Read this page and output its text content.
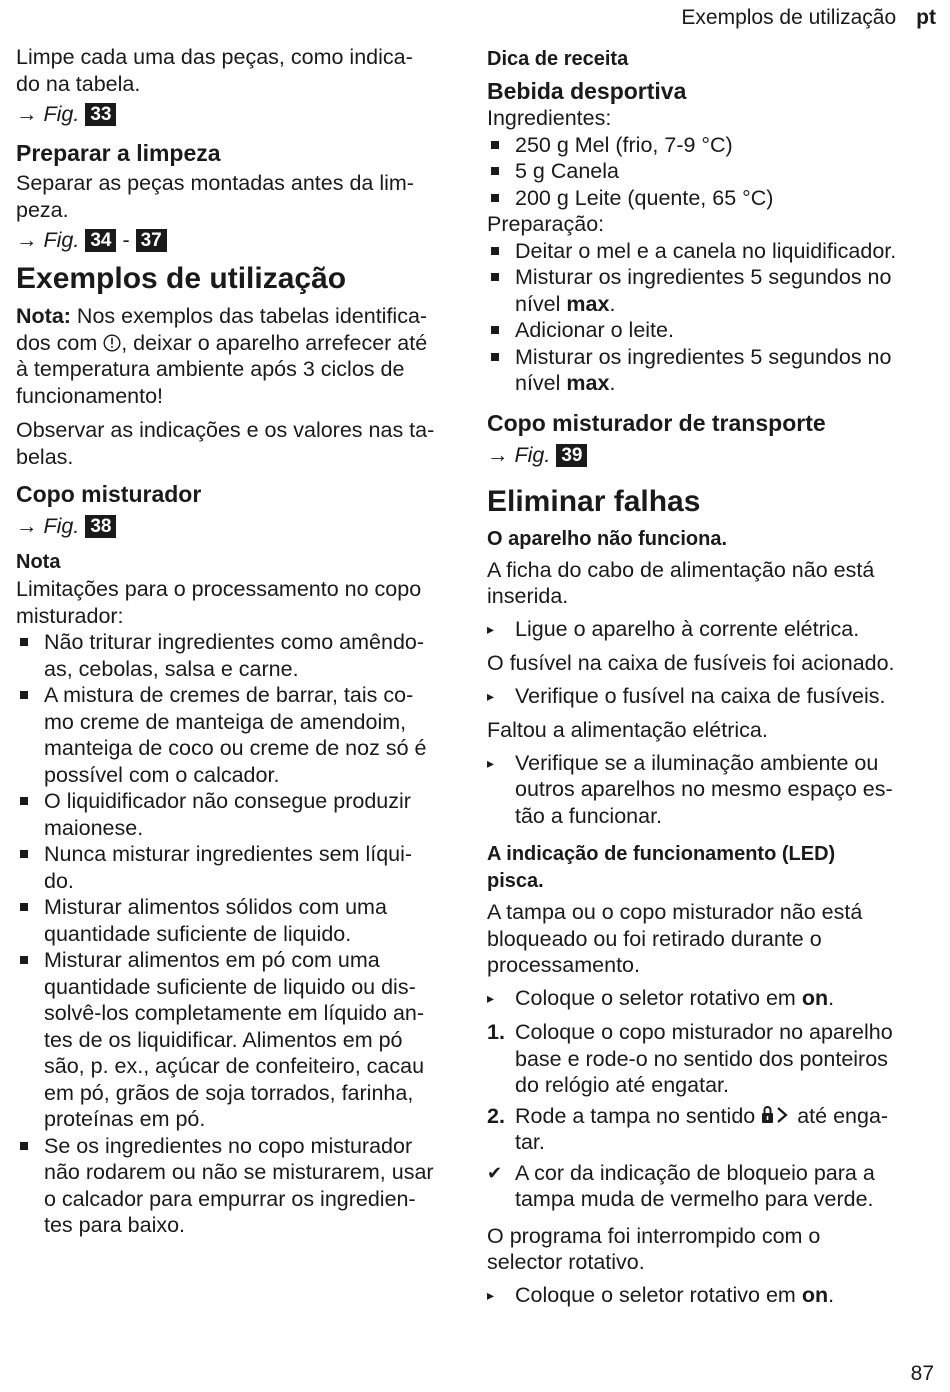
Exemplos de utilização pt

Limpe cada uma das peças, como indica-
do na tabela.

→ Fig. 33
Preparar a limpeza

Separar as peças montadas antes da lim-
peza.

→ Fig. 34 - 37
Exemplos de utilização

Nota: Nos exemplos das tabelas identifica-
dos com , deixar o aparelho arrefecer até
à temperatura ambiente após 3 ciclos de
funcionamento!

Observar as indicações e os valores nas ta-
belas.

Copo misturador
→ Fig. 38
Nota

Limitações para o processamento no copo
misturador:

Não triturar ingredientes como amêndo-
as, cebolas, salsa e carne.
A mistura de cremes de barrar, tais co-
mo creme de manteiga de amendoim,
manteiga de coco ou creme de noz só é
possível com o calcador.
O liquidificador não consegue produzir
maionese.
Nunca misturar ingredientes sem líqui-
do.
Misturar alimentos sólidos com uma
quantidade suficiente de liquido.
Misturar alimentos em pó com uma
quantidade suficiente de liquido ou dis-
solvê-los completamente em líquido an-
tes de os liquidificar. Alimentos em pó
são, p. ex., açúcar de confeiteiro, cacau
em pó, grãos de soja torrados, farinha,
proteínas em pó.
Se os ingredientes no copo misturador
não rodarem ou não se misturarem, usar
o calcador para empurrar os ingredien-
tes para baixo.
Dica de receita
Bebida desportiva

Ingredientes:

250 g Mel (frio, 7-9 °C)
5 g Canela
200 g Leite (quente, 65 °C)

Preparação:

Deitar o mel e a canela no liquidificador.
Misturar os ingredientes 5 segundos no
nível max.
Adicionar o leite.
Misturar os ingredientes 5 segundos no
nível max.
Copo misturador de transporte
→ Fig. 39
Eliminar falhas
O aparelho não funciona.

A ficha do cabo de alimentação não está
inserida.

▸ Ligue o aparelho à corrente elétrica.

O fusível na caixa de fusíveis foi acionado.

▸ Verifique o fusível na caixa de fusíveis.

Faltou a alimentação elétrica.

▸ Verifique se a iluminação ambiente ou
outros aparelhos no mesmo espaço es-
tão a funcionar.
A indicação de funcionamento (LED)
pisca.

A tampa ou o copo misturador não está
bloqueado ou foi retirado durante o
processamento.

▸ Coloque o seletor rotativo em on.
1. Coloque o copo misturador no aparelho
base e rode-o no sentido dos ponteiros
do relógio até engatar.
2. Rode a tampa no sentido  até enga-
tar.
✔ A cor da indicação de bloqueio para a
tampa muda de vermelho para verde.

O programa foi interrompido com o
selector rotativo.

▸ Coloque o seletor rotativo em on.
87
